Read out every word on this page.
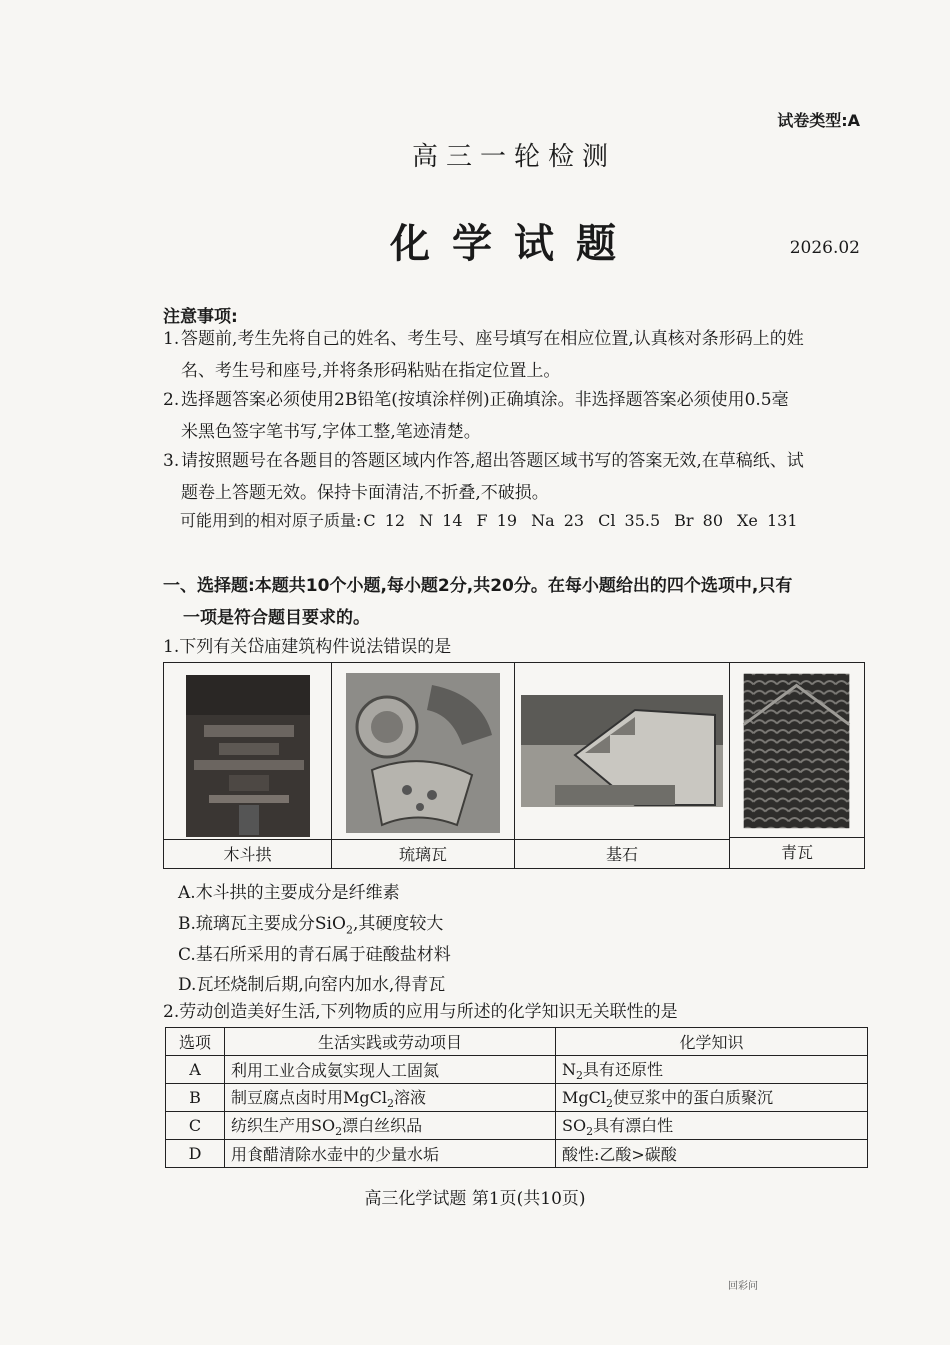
试卷类型:A
高三一轮检测
化学试题	2026.02
注意事项:
1. 答题前,考生先将自己的姓名、考生号、座号填写在相应位置,认真核对条形码上的姓
名、考生号和座号,并将条形码粘贴在指定位置上。
2. 选择题答案必须使用2B铅笔(按填涂样例)正确填涂。非选择题答案必须使用0.5毫
米黑色签字笔书写,字体工整,笔迹清楚。
3. 请按照题号在各题目的答题区域内作答,超出答题区域书写的答案无效,在草稿纸、试
题卷上答题无效。保持卡面清洁,不折叠,不破损。
可能用到的相对原子质量: C 12 N 14 F 19 Na 23 Cl 35.5 Br 80 Xe 131
一、选择题:本题共10个小题,每小题2分,共20分。在每小题给出的四个选项中,只有
一项是符合题目要求的。
1.下列有关岱庙建筑构件说法错误的是
木斗拱	琉璃瓦	基石	青瓦
A.木斗拱的主要成分是纤维素
B.琉璃瓦主要成分SiO$_2$,其硬度较大
C.基石所采用的青石属于硅酸盐材料
D.瓦坯烧制后期,向窑内加水,得青瓦
2.劳动创造美好生活,下列物质的应用与所述的化学知识无关联性的是
选项	生活实践或劳动项目	化学知识
A	利用工业合成氨实现人工固氮	$N_2$具有还原性
B	制豆腐点卤时用MgCl$_2$溶液	MgCl$_2$使豆浆中的蛋白质聚沉
C	纺织生产用$SO_2$漂白丝织品	$SO_2$具有漂白性
D	用食醋清除水壶中的少量水垢	酸性:乙酸>碳酸
高三化学试题 第1页(共10页)
回彩问
